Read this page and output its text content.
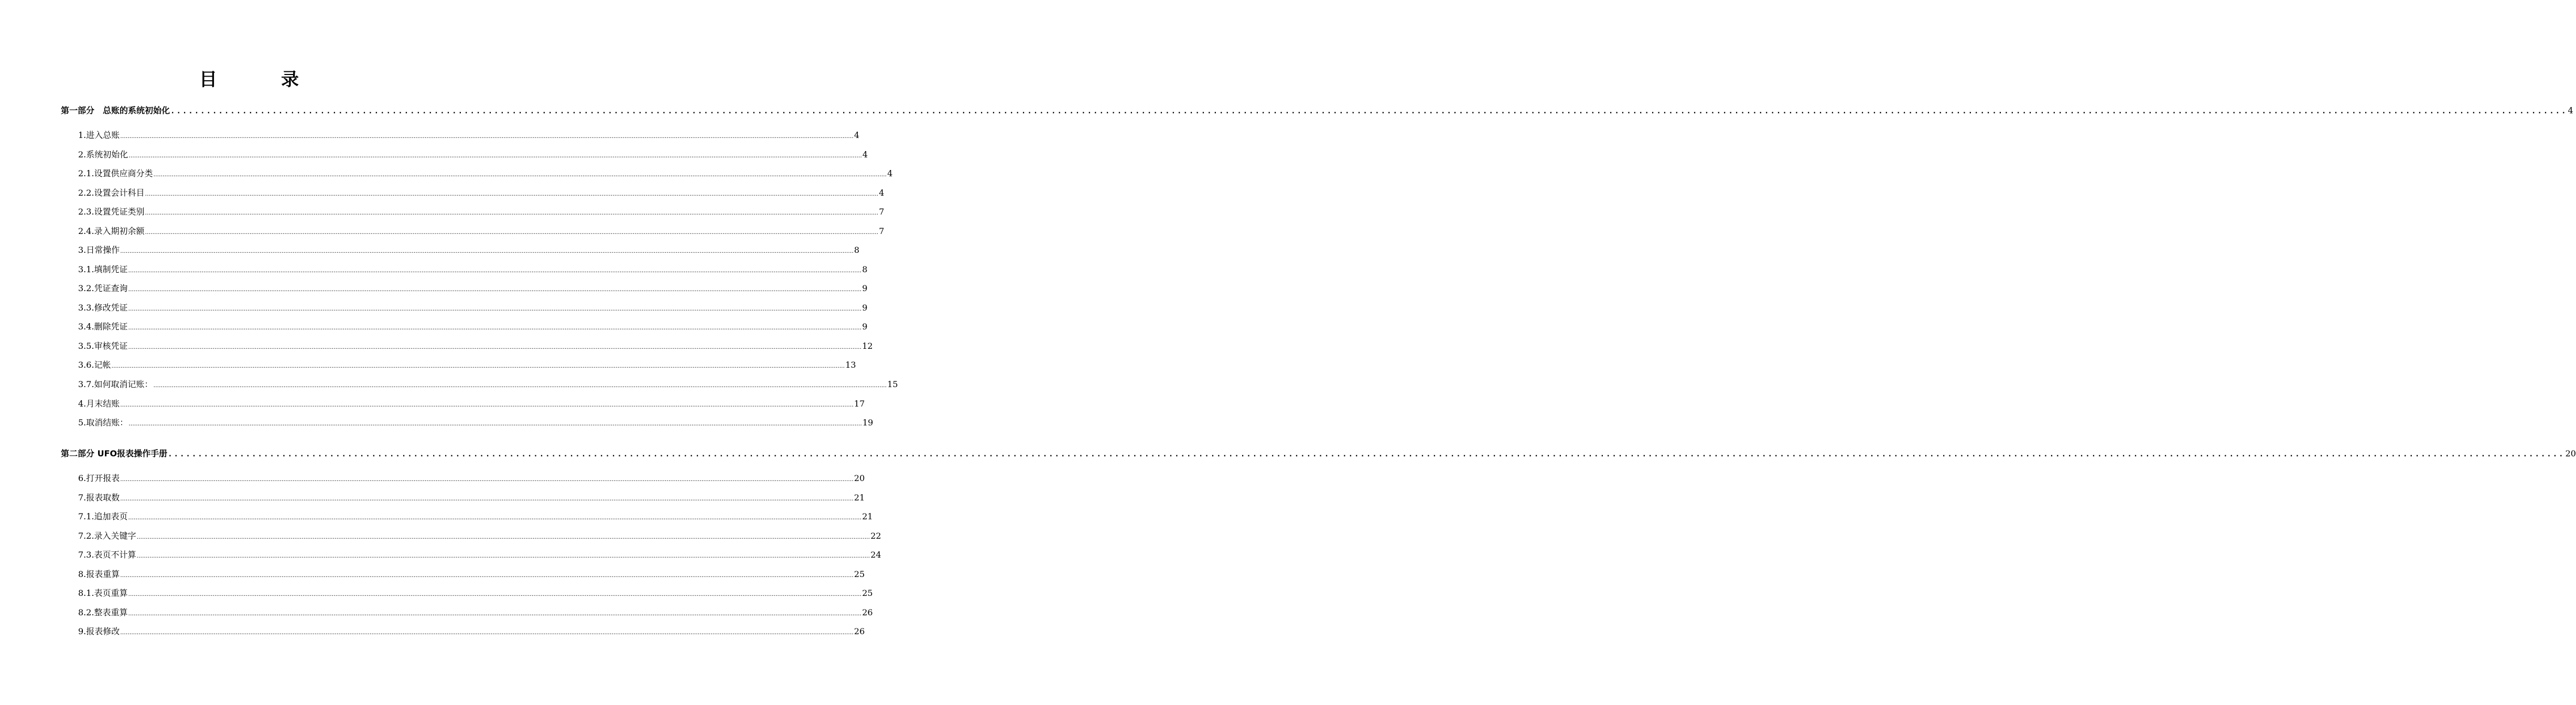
目　录
第一部分　总账的系统初始化 ................................................................................................................................................................................................................................................................................................................................................................................................................ 4
1. 进入总账 ................................................................................................................................................................................................................................................................................................................................................................................................................ 4
2. 系统初始化 ................................................................................................................................................................................................................................................................................................................................................................................................................ 4
2.1. 设置供应商分类 ................................................................................................................................................................................................................................................................................................................................................................................................................ 4
2.2. 设置会计科目 ................................................................................................................................................................................................................................................................................................................................................................................................................ 4
2.3. 设置凭证类别 ................................................................................................................................................................................................................................................................................................................................................................................................................ 7
2.4. 录入期初余额 ................................................................................................................................................................................................................................................................................................................................................................................................................ 7
3. 日常操作 ................................................................................................................................................................................................................................................................................................................................................................................................................ 8
3.1. 填制凭证 ................................................................................................................................................................................................................................................................................................................................................................................................................ 8
3.2. 凭证查询 ................................................................................................................................................................................................................................................................................................................................................................................................................ 9
3.3. 修改凭证 ................................................................................................................................................................................................................................................................................................................................................................................................................ 9
3.4. 删除凭证 ................................................................................................................................................................................................................................................................................................................................................................................................................ 9
3.5. 审核凭证 ................................................................................................................................................................................................................................................................................................................................................................................................................ 12
3.6. 记帐 ................................................................................................................................................................................................................................................................................................................................................................................................................ 13
3.7. 如何取消记账： ................................................................................................................................................................................................................................................................................................................................................................................................................ 15
4. 月末结账 ................................................................................................................................................................................................................................................................................................................................................................................................................ 17
5. 取消结账： ................................................................................................................................................................................................................................................................................................................................................................................................................ 19
第二部分 UFO报表操作手册 ................................................................................................................................................................................................................................................................................................................................................................................................................ 20
6. 打开报表 ................................................................................................................................................................................................................................................................................................................................................................................................................ 20
7. 报表取数 ................................................................................................................................................................................................................................................................................................................................................................................................................ 21
7.1. 追加表页 ................................................................................................................................................................................................................................................................................................................................................................................................................ 21
7.2. 录入关键字 ................................................................................................................................................................................................................................................................................................................................................................................................................ 22
7.3. 表页不计算 ................................................................................................................................................................................................................................................................................................................................................................................................................ 24
8. 报表重算 ................................................................................................................................................................................................................................................................................................................................................................................................................ 25
8.1. 表页重算 ................................................................................................................................................................................................................................................................................................................................................................................................................ 25
8.2. 整表重算 ................................................................................................................................................................................................................................................................................................................................................................................................................ 26
9. 报表修改 ................................................................................................................................................................................................................................................................................................................................................................................................................ 26
